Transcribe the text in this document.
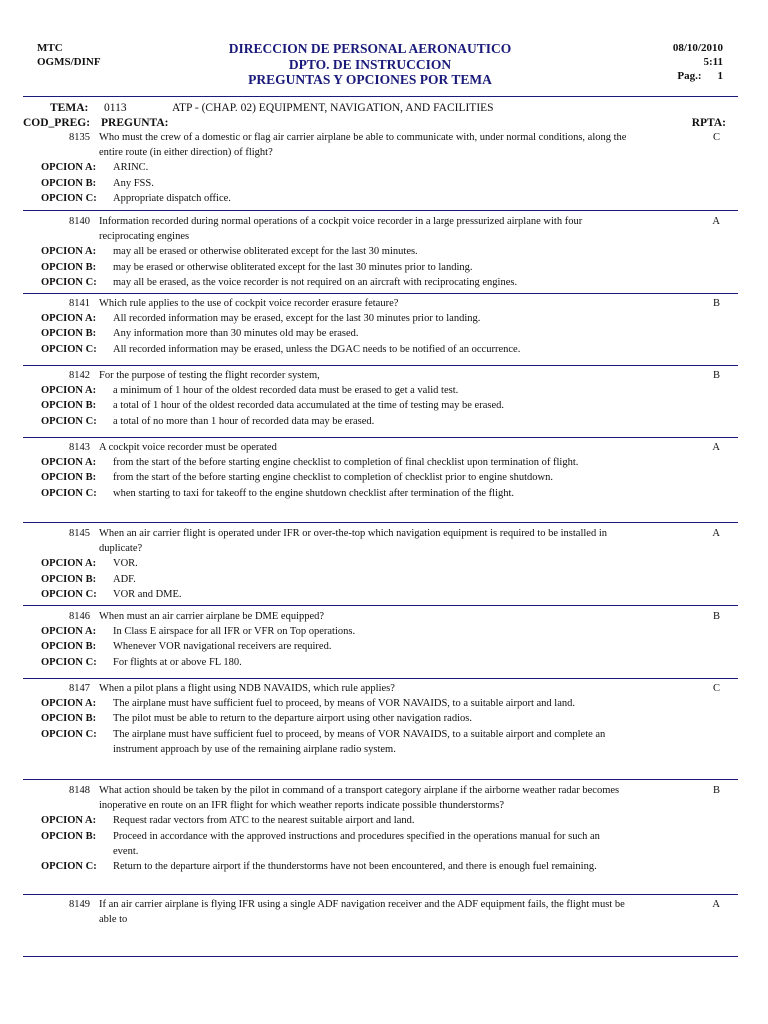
MTC
OGMS/DINF
DIRECCION DE PERSONAL AERONAUTICO
DPTO. DE INSTRUCCION
PREGUNTAS Y OPCIONES POR TEMA
08/10/2010
5:11
Pag.: 1
TEMA: 0113	ATP - (CHAP. 02) EQUIPMENT, NAVIGATION, AND FACILITIES
COD_PREG: PREGUNTA:	RPTA:
8135 Who must the crew of a domestic or flag air carrier airplane be able to communicate with, under normal conditions, along the entire route (in either direction) of flight?
C
OPCION A: ARINC.
OPCION B: Any FSS.
OPCION C: Appropriate dispatch office.
8140 Information recorded during normal operations of a cockpit voice recorder in a large pressurized airplane with four reciprocating engines
A
OPCION A: may all be erased or otherwise obliterated except for the last 30 minutes.
OPCION B: may be erased or otherwise obliterated except for the last 30 minutes prior to landing.
OPCION C: may all be erased, as the voice recorder is not required on an aircraft with reciprocating engines.
8141 Which rule applies to the use of cockpit voice recorder erasure fetaure?	B
OPCION A: All recorded information may be erased, except for the last 30 minutes prior to landing.
OPCION B: Any information more than 30 minutes old may be erased.
OPCION C: All recorded information may be erased, unless the DGAC needs to be notified of an occurrence.
8142 For the purpose of testing the flight recorder system,	B
OPCION A: a minimum of 1 hour of the oldest recorded data must be erased to get a valid test.
OPCION B: a total of 1 hour of the oldest recorded data accumulated at the time of testing may be erased.
OPCION C: a total of no more than 1 hour of recorded data may be erased.
8143 A cockpit voice recorder must be operated	A
OPCION A: from the start of the before starting engine checklist to completion of final checklist upon termination of flight.
OPCION B: from the start of the before starting engine checklist to completion of checklist prior to engine shutdown.
OPCION C: when starting to taxi for takeoff to the engine shutdown checklist after termination of the flight.
8145 When an air carrier flight is operated under IFR or over-the-top which navigation equipment is required to be installed in duplicate?
A
OPCION A: VOR.
OPCION B: ADF.
OPCION C: VOR and DME.
8146 When must an air carrier airplane be DME equipped?	B
OPCION A: In Class E airspace for all IFR or VFR on Top operations.
OPCION B: Whenever VOR navigational receivers are required.
OPCION C: For flights at or above FL 180.
8147 When a pilot plans a flight using NDB NAVAIDS, which rule applies?	C
OPCION A: The airplane must have sufficient fuel to proceed, by means of VOR NAVAIDS, to a suitable airport and land.
OPCION B: The pilot must be able to return to the departure airport using other navigation radios.
OPCION C: The airplane must have sufficient fuel to proceed, by means of VOR NAVAIDS, to a suitable airport and complete an instrument approach by use of the remaining airplane radio system.
8148 What action should be taken by the pilot in command of a transport category airplane if the airborne weather radar becomes inoperative en route on an IFR flight for which weather reports indicate possible thunderstorms?
B
OPCION A: Request radar vectors from ATC to the nearest suitable airport and land.
OPCION B: Proceed in accordance with the approved instructions and procedures specified in the operations manual for such an event.
OPCION C: Return to the departure airport if the thunderstorms have not been encountered, and there is enough fuel remaining.
8149 If an air carrier airplane is flying IFR using a single ADF navigation receiver and the ADF equipment fails, the flight must be able to
A
